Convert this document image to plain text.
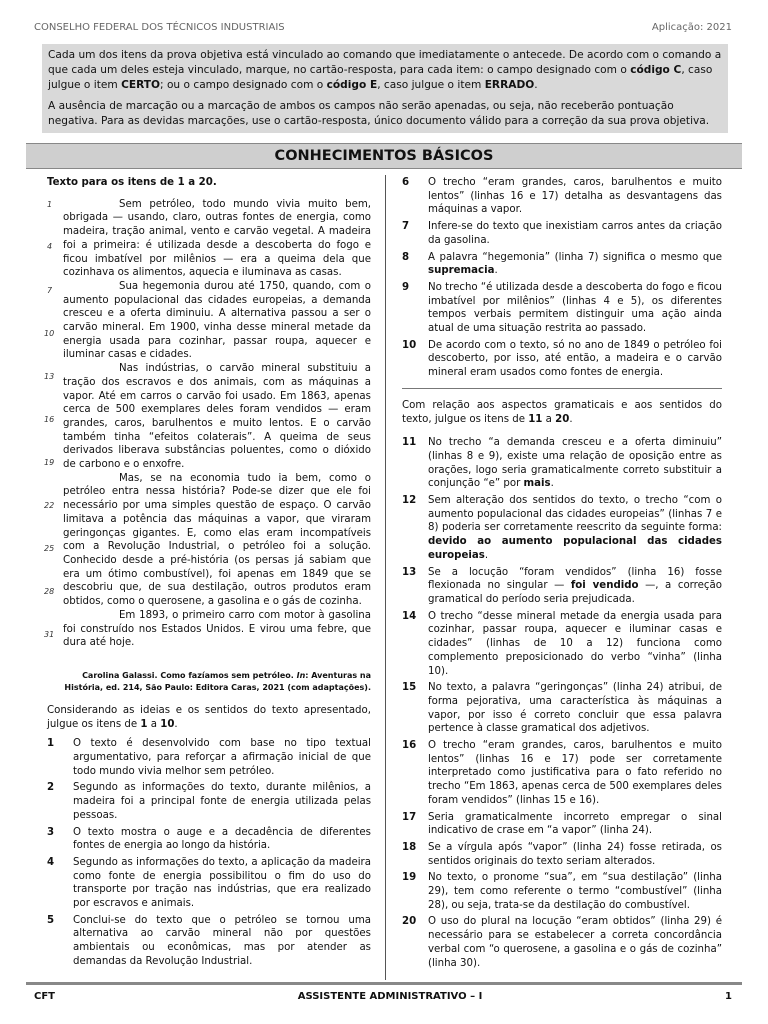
CONSELHO FEDERAL DOS TÉCNICOS INDUSTRIAIS	Aplicação: 2021

Cada um dos itens da prova objetiva está vinculado ao comando que imediatamente o antecede. De acordo com o comando a que cada um deles esteja vinculado, marque, no cartão-resposta, para cada item: o campo designado com o código C, caso julgue o item CERTO; ou o campo designado com o código E, caso julgue o item ERRADO.

A ausência de marcação ou a marcação de ambos os campos não serão apenadas, ou seja, não receberão pontuação negativa. Para as devidas marcações, use o cartão-resposta, único documento válido para a correção da sua prova objetiva.

CONHECIMENTOS BÁSICOS
1
4
7
10
13
16
19
22
25
28
31

Texto para os itens de 1 a 20.

Sem petróleo, todo mundo vivia muito bem, obrigada — usando, claro, outras fontes de energia, como madeira, tração animal, vento e carvão vegetal. A madeira foi a primeira: é utilizada desde a descoberta do fogo e ficou imbatível por milênios — era a queima dela que cozinhava os alimentos, aquecia e iluminava as casas.

Sua hegemonia durou até 1750, quando, com o aumento populacional das cidades europeias, a demanda cresceu e a oferta diminuiu. A alternativa passou a ser o carvão mineral. Em 1900, vinha desse mineral metade da energia usada para cozinhar, passar roupa, aquecer e iluminar casas e cidades.

Nas indústrias, o carvão mineral substituiu a tração dos escravos e dos animais, com as máquinas a vapor. Até em carros o carvão foi usado. Em 1863, apenas cerca de 500 exemplares deles foram vendidos — eram grandes, caros, barulhentos e muito lentos. E o carvão também tinha “efeitos colaterais”. A queima de seus derivados liberava substâncias poluentes, como o dióxido de carbono e o enxofre.

Mas, se na economia tudo ia bem, como o petróleo entra nessa história? Pode-se dizer que ele foi necessário por uma simples questão de espaço. O carvão limitava a potência das máquinas a vapor, que viraram geringonças gigantes. E, como elas eram incompatíveis com a Revolução Industrial, o petróleo foi a solução. Conhecido desde a pré-história (os persas já sabiam que era um ótimo combustível), foi apenas em 1849 que se descobriu que, de sua destilação, outros produtos eram obtidos, como o querosene, a gasolina e o gás de cozinha.

Em 1893, o primeiro carro com motor à gasolina foi construído nos Estados Unidos. E virou uma febre, que dura até hoje.

Carolina Galassi. Como fazíamos sem petróleo. In: Aventuras na História, ed. 214, São Paulo: Editora Caras, 2021 (com adaptações).

Considerando as ideias e os sentidos do texto apresentado, julgue os itens de 1 a 10.

1	O texto é desenvolvido com base no tipo textual argumentativo, para reforçar a afirmação inicial de que todo mundo vivia melhor sem petróleo.
2	Segundo as informações do texto, durante milênios, a madeira foi a principal fonte de energia utilizada pelas pessoas.
3	O texto mostra o auge e a decadência de diferentes fontes de energia ao longo da história.
4	Segundo as informações do texto, a aplicação da madeira como fonte de energia possibilitou o fim do uso do transporte por tração nas indústrias, que era realizado por escravos e animais.
5	Conclui-se do texto que o petróleo se tornou uma alternativa ao carvão mineral não por questões ambientais ou econômicas, mas por atender as demandas da Revolução Industrial.
6	O trecho “eram grandes, caros, barulhentos e muito lentos” (linhas 16 e 17) detalha as desvantagens das máquinas a vapor.
7	Infere-se do texto que inexistiam carros antes da criação da gasolina.
8	A palavra “hegemonia” (linha 7) significa o mesmo que supremacia.
9	No trecho “é utilizada desde a descoberta do fogo e ficou imbatível por milênios” (linhas 4 e 5), os diferentes tempos verbais permitem distinguir uma ação ainda atual de uma situação restrita ao passado.
10	De acordo com o texto, só no ano de 1849 o petróleo foi descoberto, por isso, até então, a madeira e o carvão mineral eram usados como fontes de energia.

Com relação aos aspectos gramaticais e aos sentidos do texto, julgue os itens de 11 a 20.

11	No trecho “a demanda cresceu e a oferta diminuiu” (linhas 8 e 9), existe uma relação de oposição entre as orações, logo seria gramaticalmente correto substituir a conjunção “e” por mais.
12	Sem alteração dos sentidos do texto, o trecho “com o aumento populacional das cidades europeias” (linhas 7 e 8) poderia ser corretamente reescrito da seguinte forma: devido ao aumento populacional das cidades europeias.
13	Se a locução “foram vendidos” (linha 16) fosse flexionada no singular — foi vendido —, a correção gramatical do período seria prejudicada.
14	O trecho “desse mineral metade da energia usada para cozinhar, passar roupa, aquecer e iluminar casas e cidades” (linhas de 10 a 12) funciona como complemento preposicionado do verbo “vinha” (linha 10).
15	No texto, a palavra “geringonças” (linha 24) atribui, de forma pejorativa, uma característica às máquinas a vapor, por isso é correto concluir que essa palavra pertence à classe gramatical dos adjetivos.
16	O trecho “eram grandes, caros, barulhentos e muito lentos” (linhas 16 e 17) pode ser corretamente interpretado como justificativa para o fato referido no trecho “Em 1863, apenas cerca de 500 exemplares deles foram vendidos” (linhas 15 e 16).
17	Seria gramaticalmente incorreto empregar o sinal indicativo de crase em “a vapor” (linha 24).
18	Se a vírgula após “vapor” (linha 24) fosse retirada, os sentidos originais do texto seriam alterados.
19	No texto, o pronome “sua”, em “sua destilação” (linha 29), tem como referente o termo “combustível” (linha 28), ou seja, trata-se da destilação do combustível.
20	O uso do plural na locução “eram obtidos” (linha 29) é necessário para se estabelecer a correta concordância verbal com “o querosene, a gasolina e o gás de cozinha” (linha 30).
CFT	ASSISTENTE ADMINISTRATIVO – I	1
